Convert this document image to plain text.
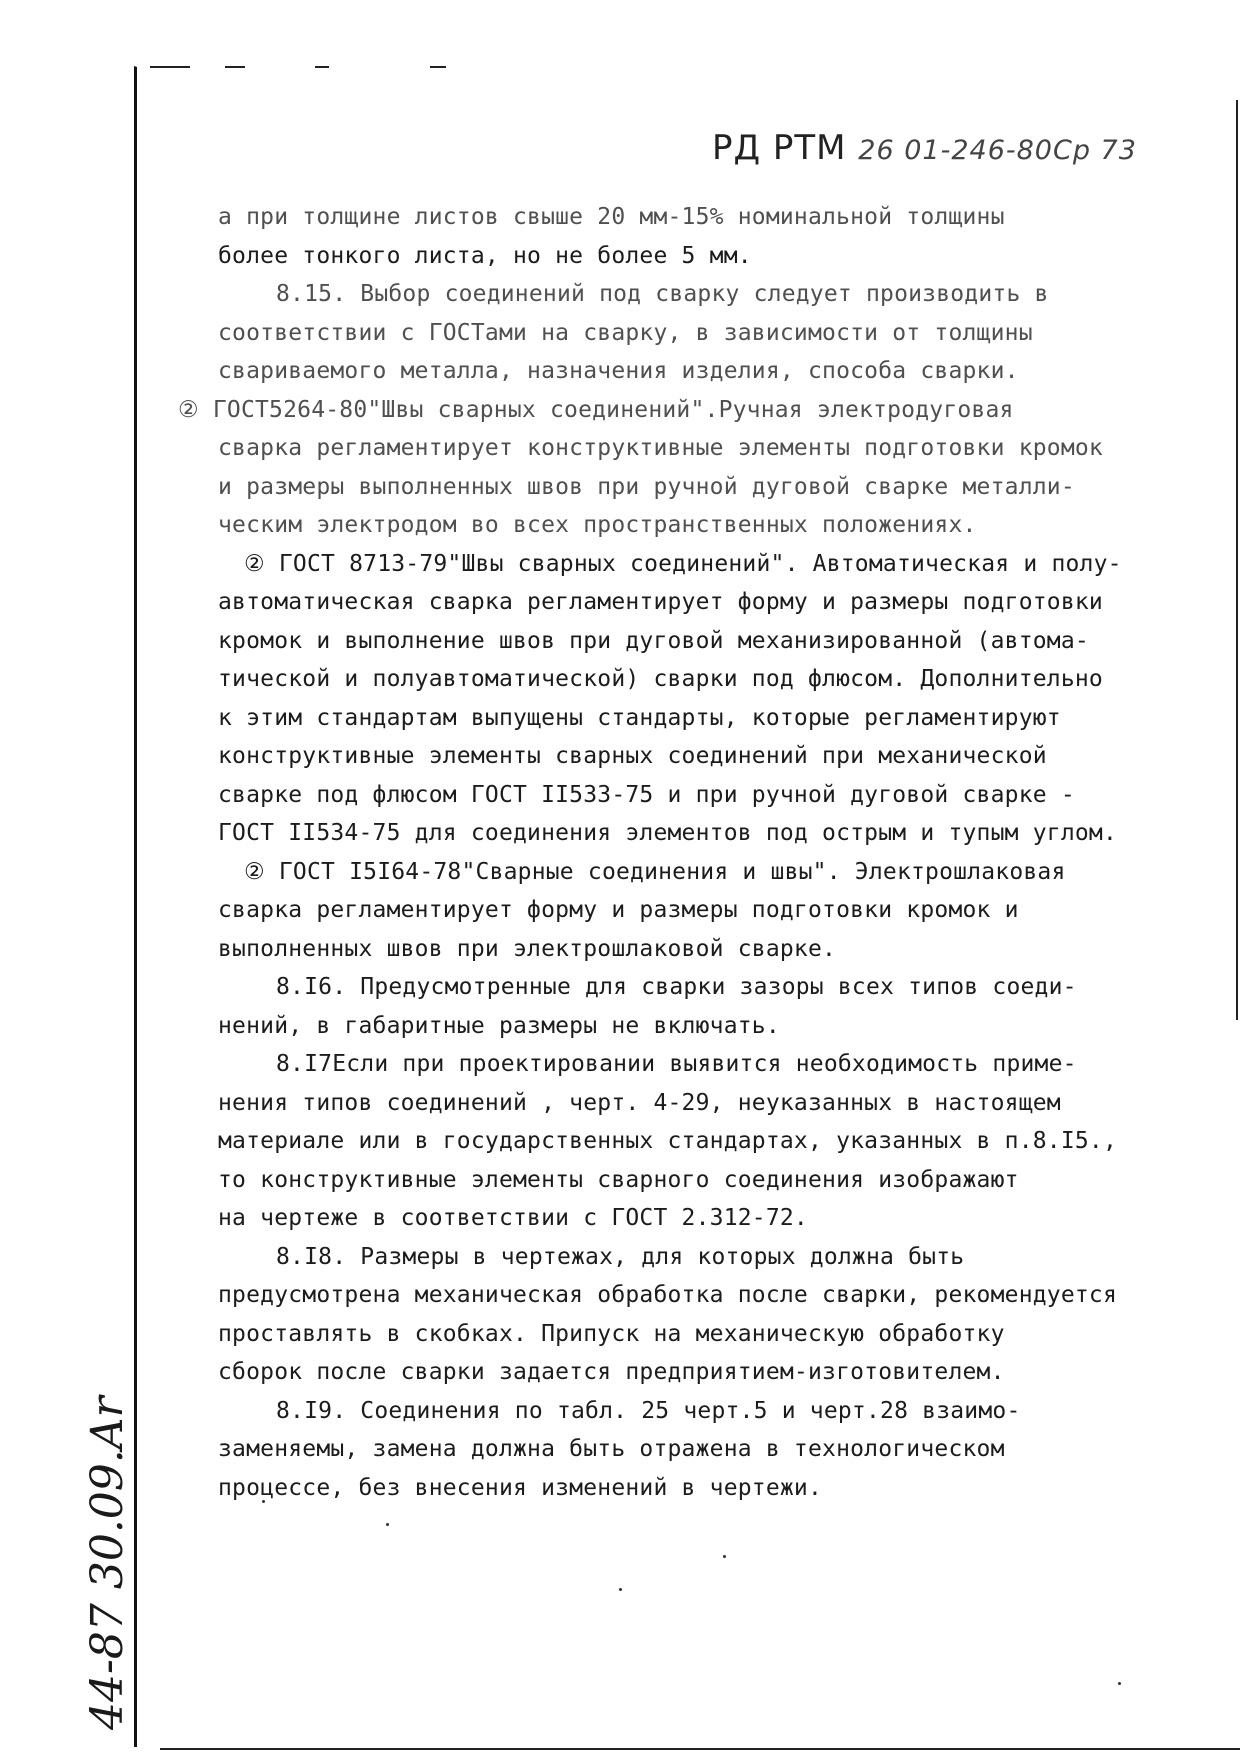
РД РТМ 26 01-246-80Cp 73
а при толщине листов свыше 20 мм-15% номинальной толщины
более тонкого листа, но не более 5 мм.
8.15. Выбор соединений под сварку следует производить в
соответствии с ГОСТами на сварку, в зависимости от толщины
свариваемого металла, назначения изделия, способа сварки.
② ГОСТ5264-80"Швы сварных соединений".Ручная электродуговая
сварка регламентирует конструктивные элементы подготовки кромок
и размеры выполненных швов при ручной дуговой сварке металли-
ческим электродом во всех пространственных положениях.
② ГОСТ 8713-79"Швы сварных соединений". Автоматическая и полу-
автоматическая сварка регламентирует форму и размеры подготовки
кромок и выполнение швов при дуговой механизированной (автома-
тической и полуавтоматической) сварки под флюсом. Дополнительно
к этим стандартам выпущены стандарты, которые регламентируют
конструктивные элементы сварных соединений при механической
сварке под флюсом ГОСТ II533-75 и при ручной дуговой сварке -
ГОСТ II534-75 для соединения элементов под острым и тупым углом.
② ГОСТ I5I64-78"Сварные соединения и швы". Электрошлаковая
сварка регламентирует форму и размеры подготовки кромок и
выполненных швов при электрошлаковой сварке.
8.I6. Предусмотренные для сварки зазоры всех типов соеди-
нений, в габаритные размеры не включать.
8.I7Если при проектировании выявится необходимость приме-
нения типов соединений , черт. 4-29, неуказанных в настоящем
материале или в государственных стандартах, указанных в п.8.I5.,
то конструктивные элементы сварного соединения изображают
на чертеже в соответствии с ГОСТ 2.312-72.
8.I8. Размеры в чертежах, для которых должна быть
предусмотрена механическая обработка после сварки, рекомендуется
проставлять в скобках. Припуск на механическую обработку
сборок после сварки задается предприятием-изготовителем.
8.I9. Соединения по табл. 25 черт.5 и черт.28 взаимо-
заменяемы, замена должна быть отражена в технологическом
процессе, без внесения изменений в чертежи.
44-87 30.09.Ar
